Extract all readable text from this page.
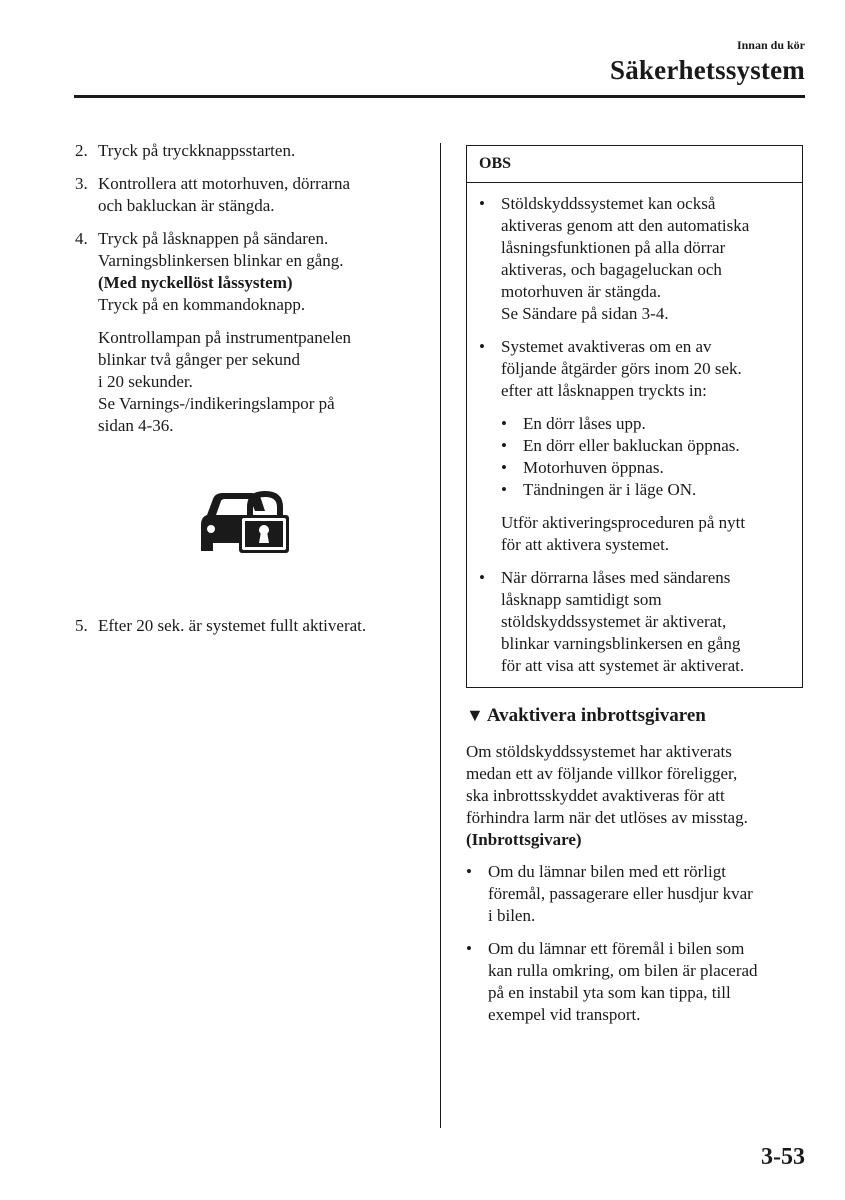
Innan du kör
Säkerhetssystem
2. Tryck på tryckknappsstarten.
3. Kontrollera att motorhuven, dörrarna
och bakluckan är stängda.
4. Tryck på låsknappen på sändaren.
Varningsblinkersen blinkar en gång.
(Med nyckellöst låssystem)
Tryck på en kommandoknapp.
Kontrollampan på instrumentpanelen
blinkar två gånger per sekund
i 20 sekunder.
Se Varnings-/indikeringslampor på
sidan 4-36.
5. Efter 20 sek. är systemet fullt aktiverat.
OBS
• Stöldskyddssystemet kan också
aktiveras genom att den automatiska
låsningsfunktionen på alla dörrar
aktiveras, och bagageluckan och
motorhuven är stängda.
Se Sändare på sidan 3-4.
• Systemet avaktiveras om en av
följande åtgärder görs inom 20 sek.
efter att låsknappen tryckts in:
• En dörr låses upp.
• En dörr eller bakluckan öppnas.
• Motorhuven öppnas.
• Tändningen är i läge ON.
Utför aktiveringsproceduren på nytt
för att aktivera systemet.
• När dörrarna låses med sändarens
låsknapp samtidigt som
stöldskyddssystemet är aktiverat,
blinkar varningsblinkersen en gång
för att visa att systemet är aktiverat.
▼ Avaktivera inbrottsgivaren
Om stöldskyddssystemet har aktiverats
medan ett av följande villkor föreligger,
ska inbrottsskyddet avaktiveras för att
förhindra larm när det utlöses av misstag.
(Inbrottsgivare)
• Om du lämnar bilen med ett rörligt
föremål, passagerare eller husdjur kvar
i bilen.
• Om du lämnar ett föremål i bilen som
kan rulla omkring, om bilen är placerad
på en instabil yta som kan tippa, till
exempel vid transport.
3-53
